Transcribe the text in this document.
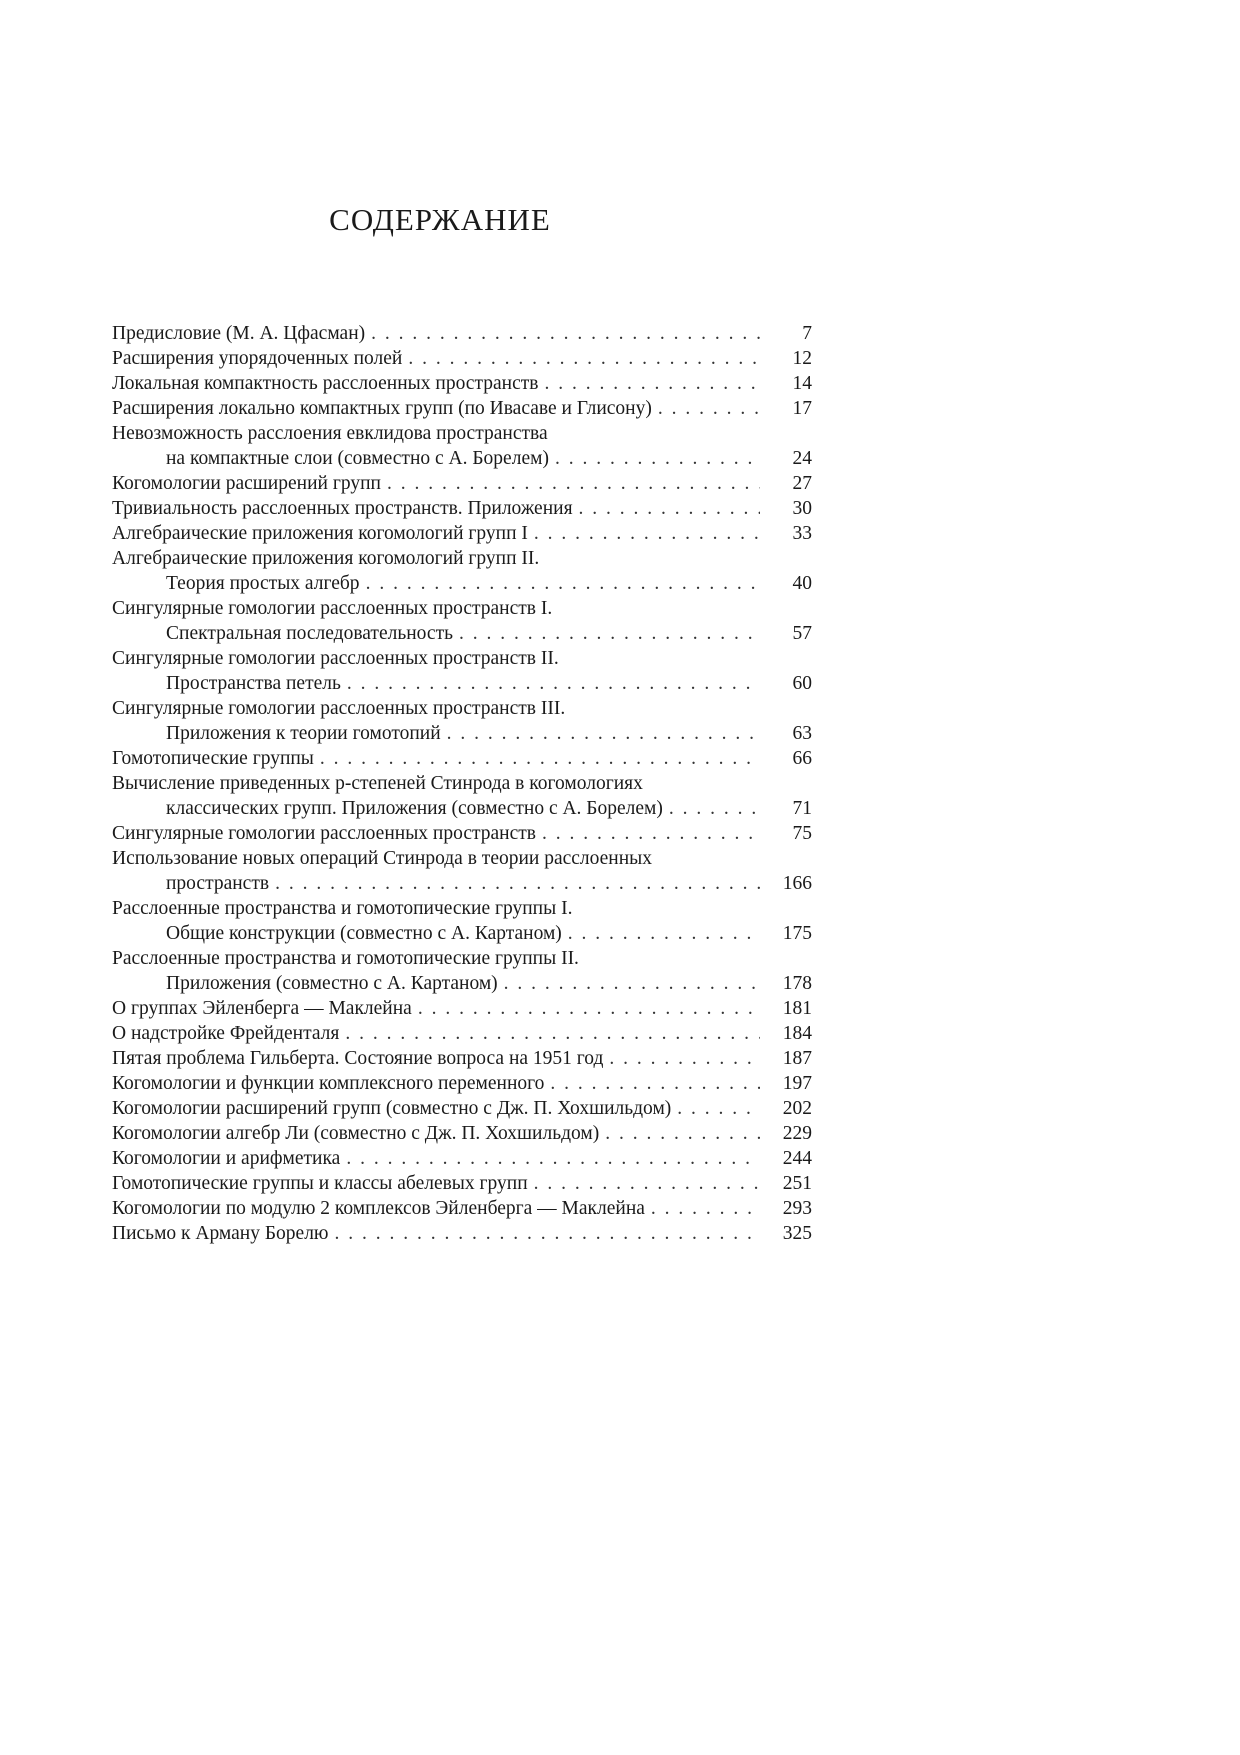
СОДЕРЖАНИЕ
Предисловие (М. А. Цфасман) . . .	7
Расширения упорядоченных полей . . .	12
Локальная компактность расслоенных пространств . . .	14
Расширения локально компактных групп (по Ивасаве и Глисону) . . .	17
Невозможность расслоения евклидова пространства
на компактные слои (совместно с А. Борелем) . . .	24
Когомологии расширений групп . . .	27
Тривиальность расслоенных пространств. Приложения . . .	30
Алгебраические приложения когомологий групп I . . .	33
Алгебраические приложения когомологий групп II.
Теория простых алгебр . . .	40
Сингулярные гомологии расслоенных пространств I.
Спектральная последовательность . . .	57
Сингулярные гомологии расслоенных пространств II.
Пространства петель . . .	60
Сингулярные гомологии расслоенных пространств III.
Приложения к теории гомотопий . . .	63
Гомотопические группы . . .	66
Вычисление приведенных p-степеней Стинрода в когомологиях
классических групп. Приложения (совместно с А. Борелем) . . .	71
Сингулярные гомологии расслоенных пространств . . .	75
Использование новых операций Стинрода в теории расслоенных
пространств . . .	166
Расслоенные пространства и гомотопические группы I.
Общие конструкции (совместно с А. Картаном) . . .	175
Расслоенные пространства и гомотопические группы II.
Приложения (совместно с А. Картаном) . . .	178
О группах Эйленберга — Маклейна . . .	181
О надстройке Фрейденталя . . .	184
Пятая проблема Гильберта. Состояние вопроса на 1951 год . . .	187
Когомологии и функции комплексного переменного . . .	197
Когомологии расширений групп (совместно с Дж. П. Хохшильдом) . . .	202
Когомологии алгебр Ли (совместно с Дж. П. Хохшильдом) . . .	229
Когомологии и арифметика . . .	244
Гомотопические группы и классы абелевых групп . . .	251
Когомологии по модулю 2 комплексов Эйленберга — Маклейна . . .	293
Письмо к Арману Борелю . . .	325
